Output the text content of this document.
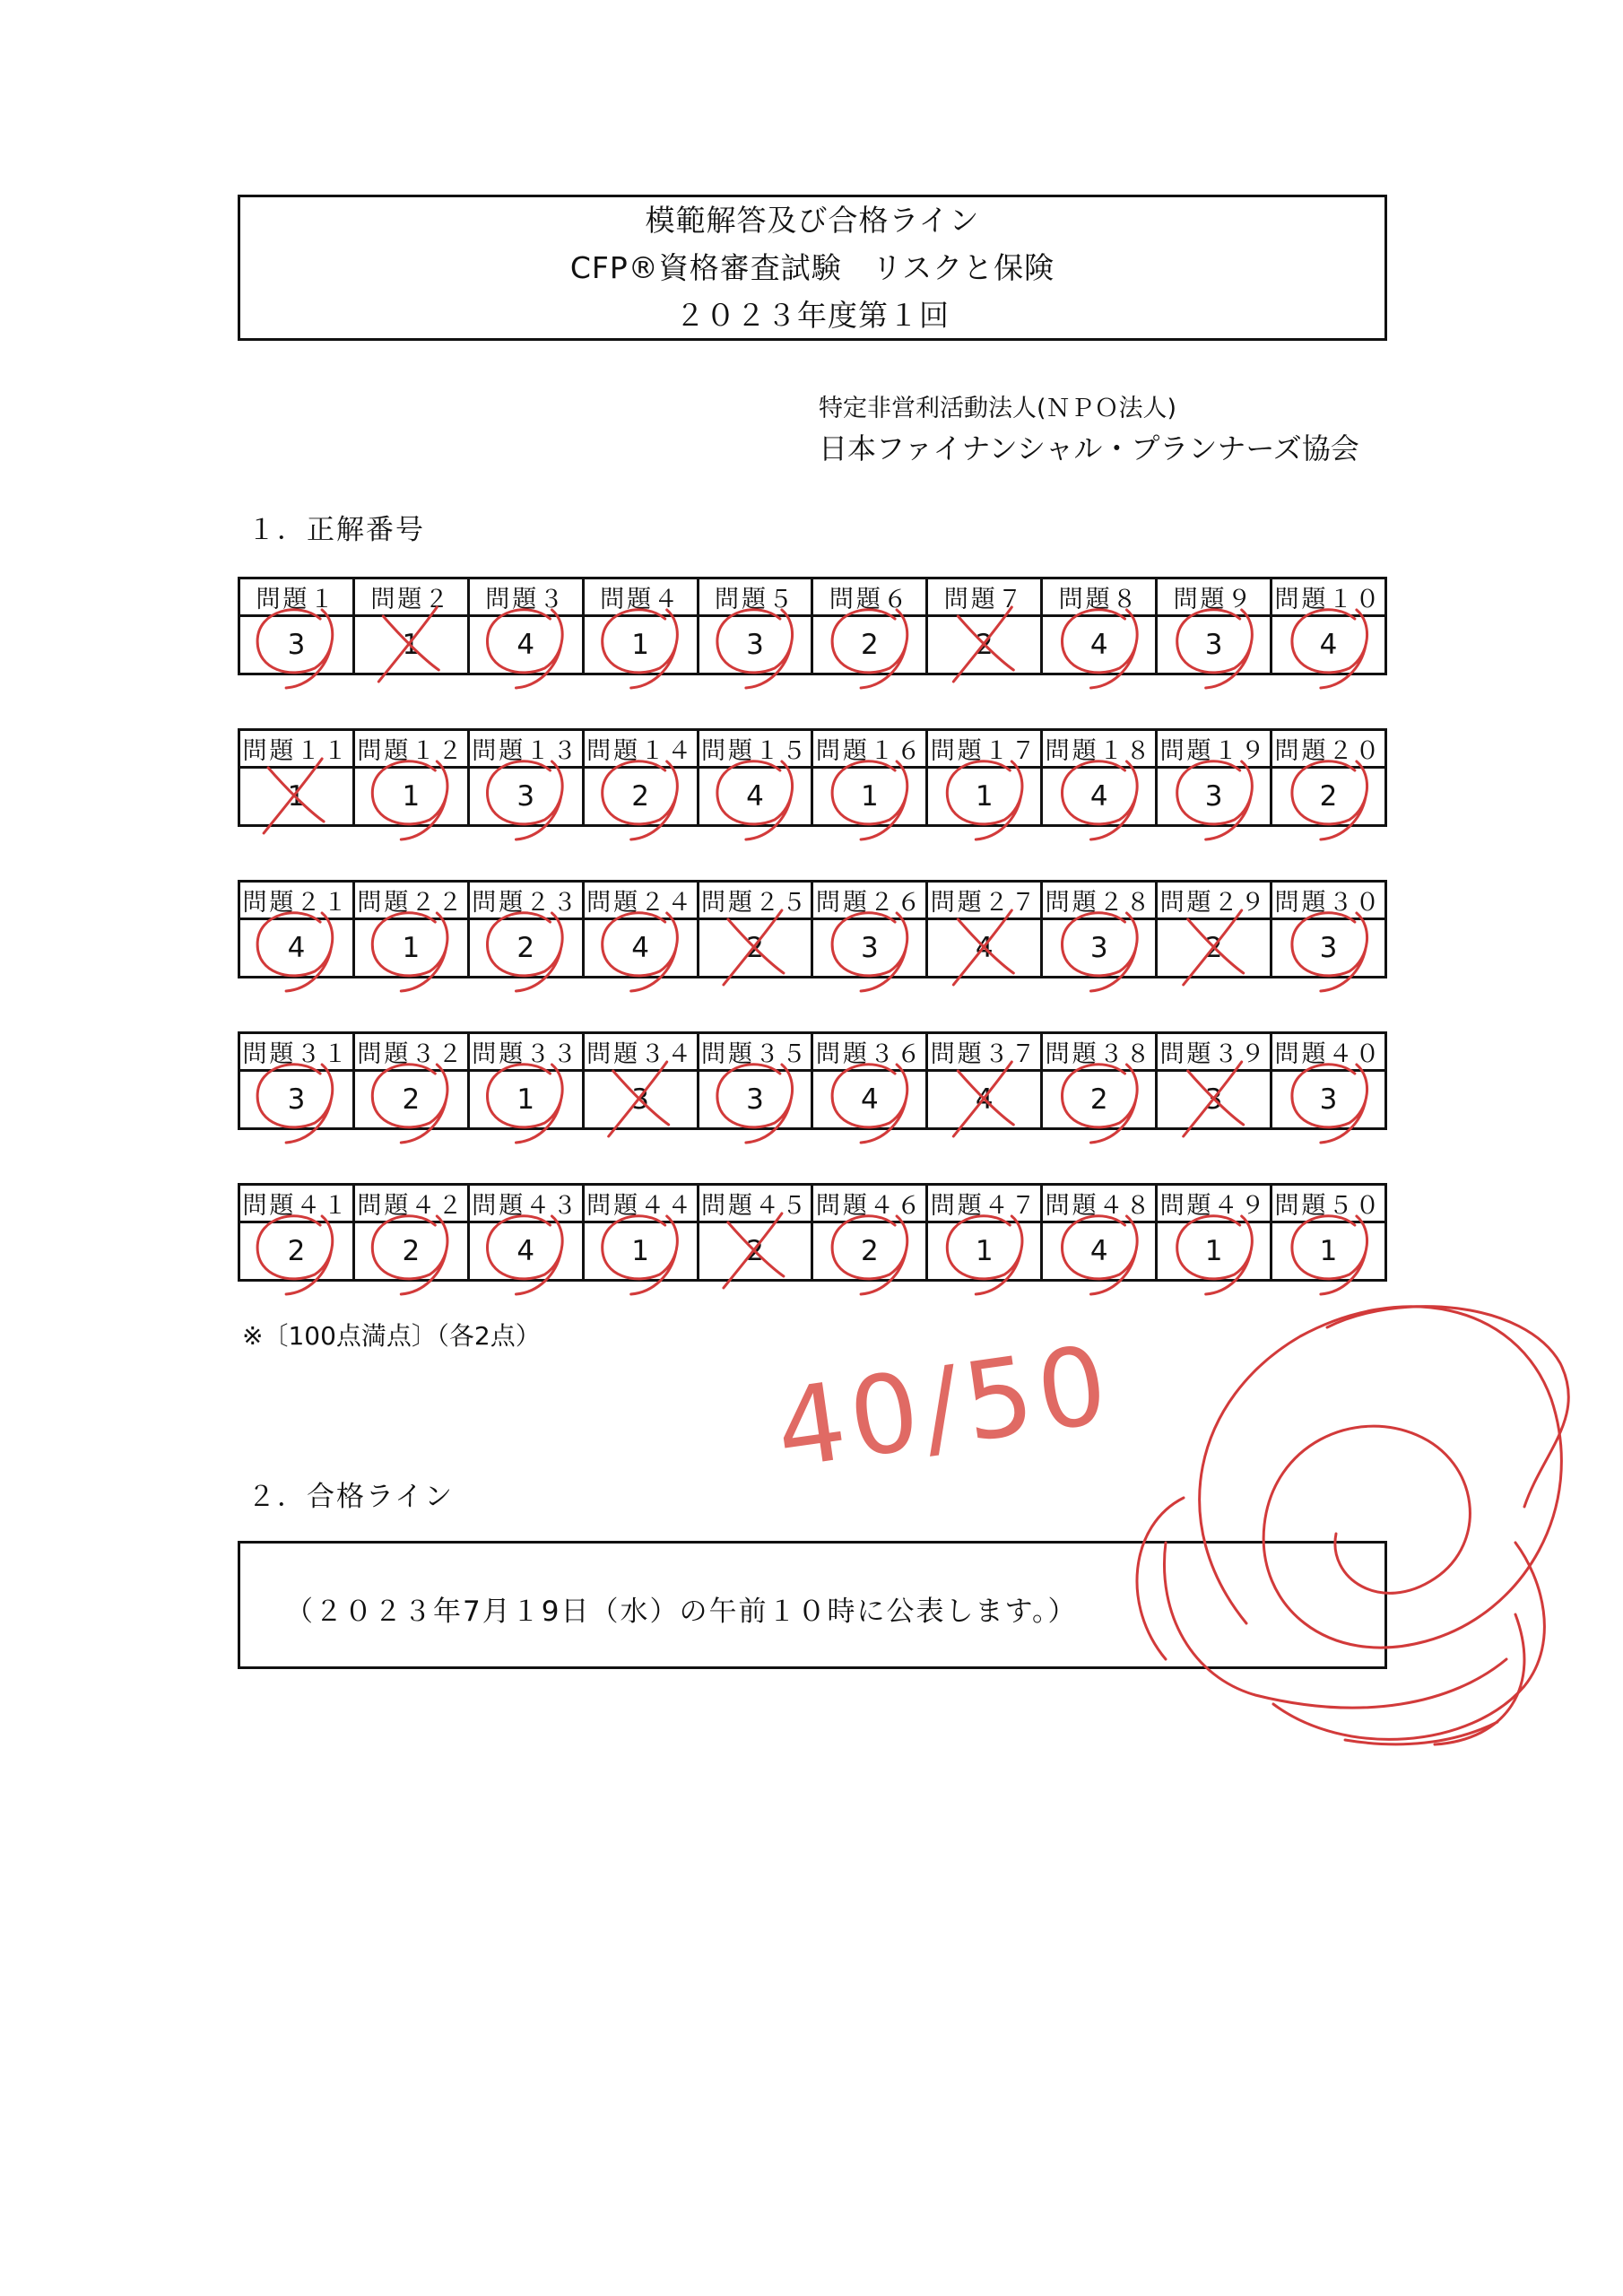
模範解答及び合格ライン
CFP®資格審査試験　リスクと保険
２０２３年度第１回
特定非営利活動法人(ＮＰＯ法人)
日本ファイナンシャル・プランナーズ協会
１．正解番号
問題１	問題２	問題３	問題４	問題５	問題６	問題７	問題８	問題９	問題１０
3	1	4	1	3	2	2	4	3	4
問題１１	問題１２	問題１３	問題１４	問題１５	問題１６	問題１７	問題１８	問題１９	問題２０
1	1	3	2	4	1	1	4	3	2
問題２１	問題２２	問題２３	問題２４	問題２５	問題２６	問題２７	問題２８	問題２９	問題３０
4	1	2	4	2	3	4	3	2	3
問題３１	問題３２	問題３３	問題３４	問題３５	問題３６	問題３７	問題３８	問題３９	問題４０
3	2	1	3	3	4	4	2	3	3
問題４１	問題４２	問題４３	問題４４	問題４５	問題４６	問題４７	問題４８	問題４９	問題５０
2	2	4	1	2	2	1	4	1	1
※〔100点満点〕（各2点）
２．合格ライン
（２０２３年7月１9日（水）の午前１０時に公表します。）
40/50
